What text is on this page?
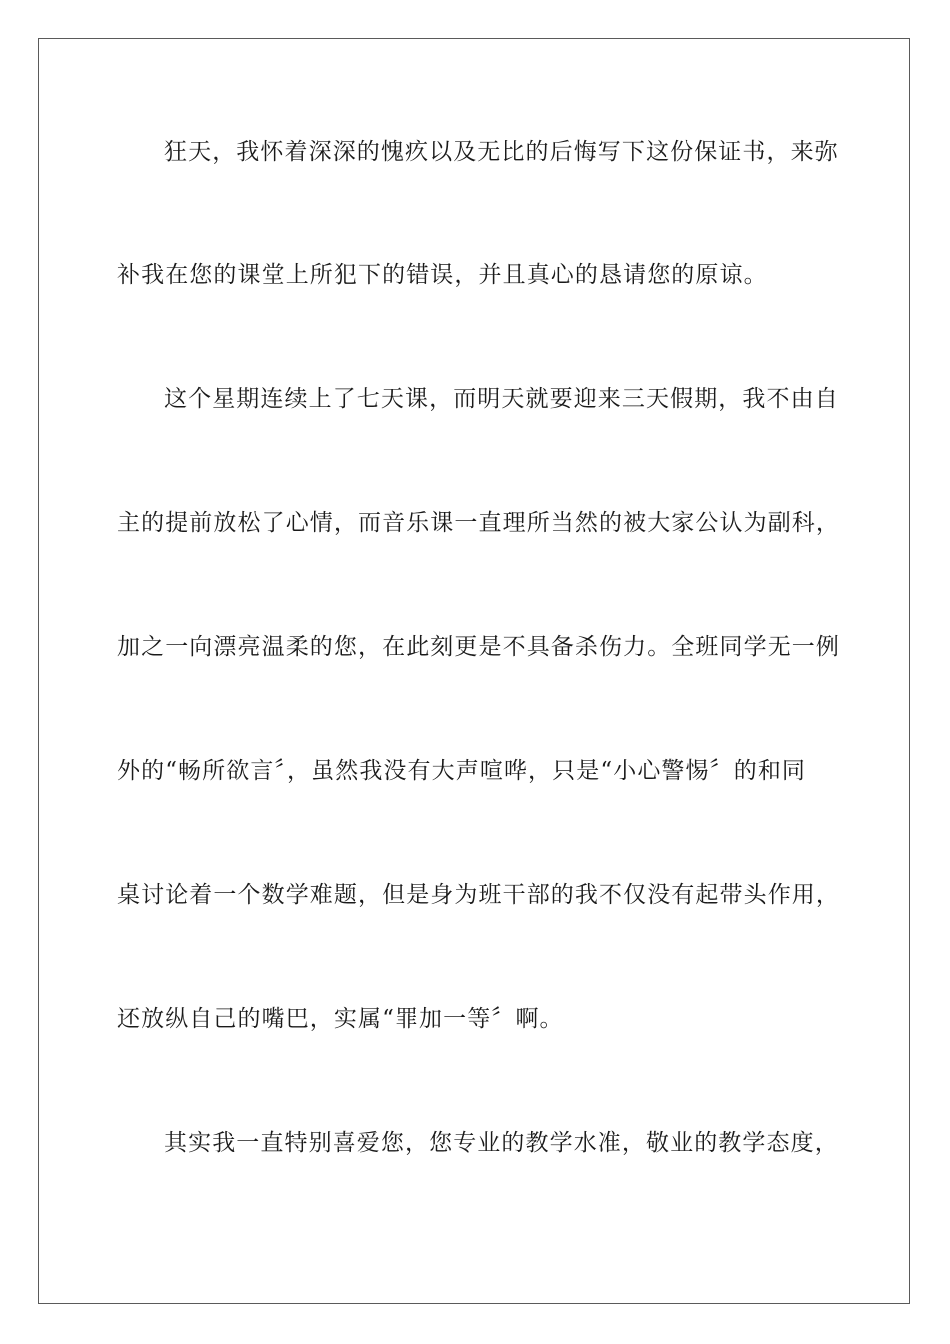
狂天，我怀着深深的愧疚以及无比的后悔写下这份保证书，来弥
补我在您的课堂上所犯下的错误，并且真心的恳请您的原谅。
这个星期连续上了七天课，而明天就要迎来三天假期，我不由自
主的提前放松了心情，而音乐课一直理所当然的被大家公认为副科，
加之一向漂亮温柔的您，在此刻更是不具备杀伤力。全班同学无一例
外的“畅所欲言〞，虽然我没有大声喧哗，只是“小心警惕〞的和同
桌讨论着一个数学难题，但是身为班干部的我不仅没有起带头作用，
还放纵自己的嘴巴，实属“罪加一等〞啊。
其实我一直特别喜爱您，您专业的教学水准，敬业的教学态度，
